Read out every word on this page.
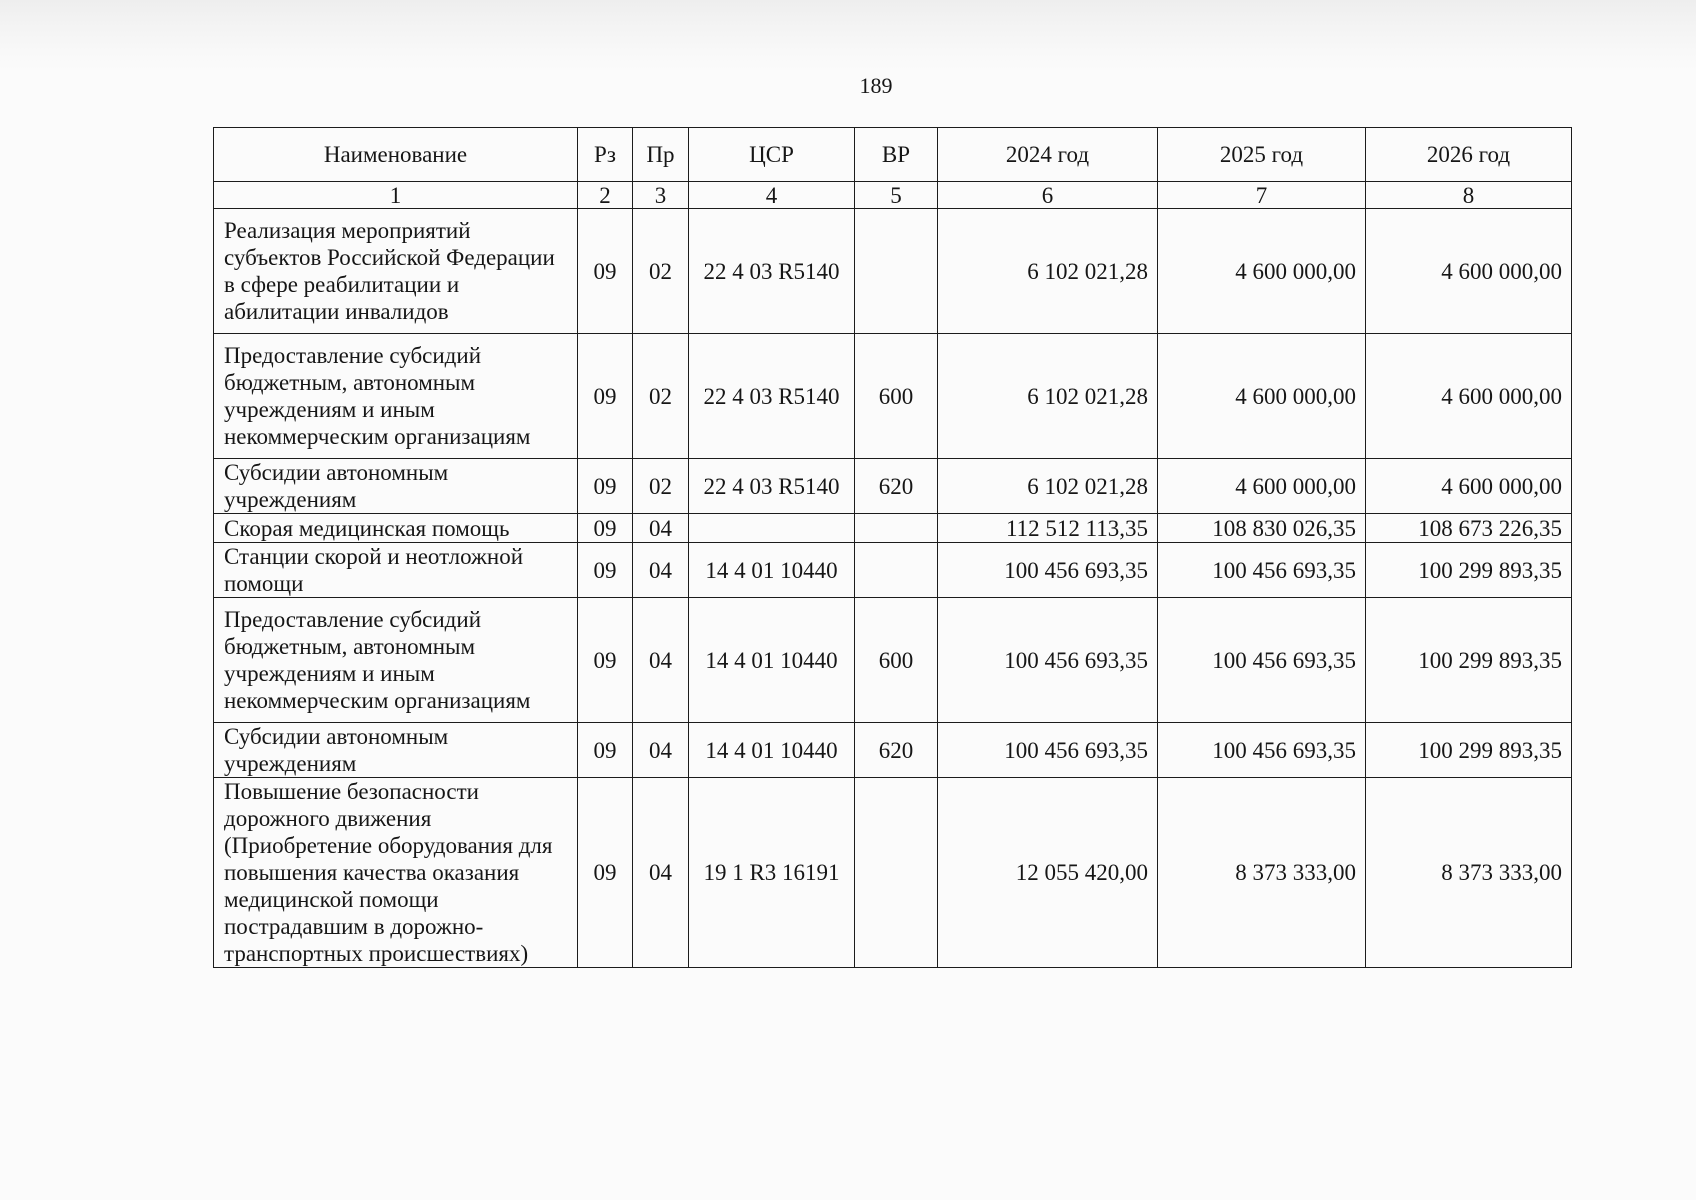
189
Наименование	Рз	Пр	ЦСР	ВР	2024 год	2025 год	2026 год
1	2	3	4	5	6	7	8
Реализация мероприятий субъектов Российской Федерации в сфере реабилитации и абилитации инвалидов	09	02	22 4 03 R5140		6 102 021,28	4 600 000,00	4 600 000,00
Предоставление субсидий бюджетным, автономным учреждениям и иным некоммерческим организациям	09	02	22 4 03 R5140	600	6 102 021,28	4 600 000,00	4 600 000,00
Субсидии автономным учреждениям	09	02	22 4 03 R5140	620	6 102 021,28	4 600 000,00	4 600 000,00
Скорая медицинская помощь	09	04			112 512 113,35	108 830 026,35	108 673 226,35
Станции скорой и неотложной помощи	09	04	14 4 01 10440		100 456 693,35	100 456 693,35	100 299 893,35
Предоставление субсидий бюджетным, автономным учреждениям и иным некоммерческим организациям	09	04	14 4 01 10440	600	100 456 693,35	100 456 693,35	100 299 893,35
Субсидии автономным учреждениям	09	04	14 4 01 10440	620	100 456 693,35	100 456 693,35	100 299 893,35
Повышение безопасности дорожного движения (Приобретение оборудования для повышения качества оказания медицинской помощи пострадавшим в дорожно-транспортных происшествиях)	09	04	19 1 R3 16191		12 055 420,00	8 373 333,00	8 373 333,00
